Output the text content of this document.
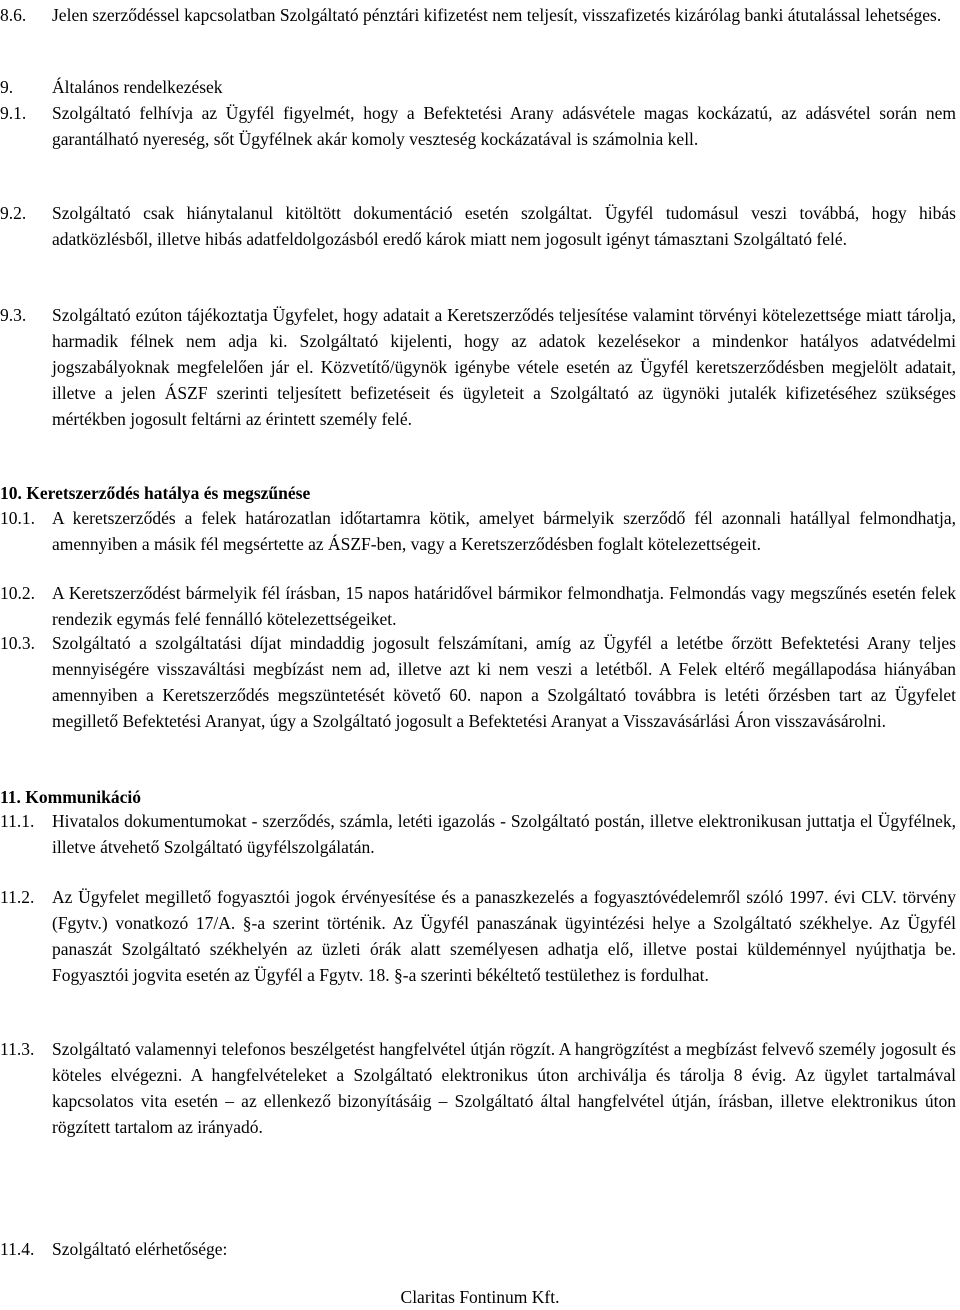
8.6. Jelen szerződéssel kapcsolatban Szolgáltató pénztári kifizetést nem teljesít, visszafizetés kizárólag banki átutalással lehetséges.
9. Általános rendelkezések
9.1. Szolgáltató felhívja az Ügyfél figyelmét, hogy a Befektetési Arany adásvétele magas kockázatú, az adásvétel során nem garantálható nyereség, sőt Ügyfélnek akár komoly veszteség kockázatával is számolnia kell.
9.2. Szolgáltató csak hiánytalanul kitöltött dokumentáció esetén szolgáltat. Ügyfél tudomásul veszi továbbá, hogy hibás adatközlésből, illetve hibás adatfeldolgozásból eredő károk miatt nem jogosult igényt támasztani Szolgáltató felé.
9.3. Szolgáltató ezúton tájékoztatja Ügyfelet, hogy adatait a Keretszerződés teljesítése valamint törvényi kötelezettsége miatt tárolja, harmadik félnek nem adja ki. Szolgáltató kijelenti, hogy az adatok kezelésekor a mindenkor hatályos adatvédelmi jogszabályoknak megfelelően jár el. Közvetítő/ügynök igénybe vétele esetén az Ügyfél keretszerződésben megjelölt adatait, illetve a jelen ÁSZF szerinti teljesített befizetéseit és ügyleteit a Szolgáltató az ügynöki jutalék kifizetéséhez szükséges mértékben jogosult feltárni az érintett személy felé.
10. Keretszerződés hatálya és megszűnése
10.1. A keretszerződés a felek határozatlan időtartamra kötik, amelyet bármelyik szerződő fél azonnali hatállyal felmondhatja, amennyiben a másik fél megsértette az ÁSZF-ben, vagy a Keretszerződésben foglalt kötelezettségeit.
10.2. A Keretszerződést bármelyik fél írásban, 15 napos határidővel bármikor felmondhatja. Felmondás vagy megszűnés esetén felek rendezik egymás felé fennálló kötelezettségeiket.
10.3. Szolgáltató a szolgáltatási díjat mindaddig jogosult felszámítani, amíg az Ügyfél a letétbe őrzött Befektetési Arany teljes mennyiségére visszaváltási megbízást nem ad, illetve azt ki nem veszi a letétből. A Felek eltérő megállapodása hiányában amennyiben a Keretszerződés megszüntetését követő 60. napon a Szolgáltató továbbra is letéti őrzésben tart az Ügyfelet megillető Befektetési Aranyat, úgy a Szolgáltató jogosult a Befektetési Aranyat a Visszavásárlási Áron visszavásárolni.
11. Kommunikáció
11.1. Hivatalos dokumentumokat - szerződés, számla, letéti igazolás - Szolgáltató postán, illetve elektronikusan juttatja el Ügyfélnek, illetve átvehető Szolgáltató ügyfélszolgálatán.
11.2. Az Ügyfelet megillető fogyasztói jogok érvényesítése és a panaszkezelés a fogyasztóvédelemről szóló 1997. évi CLV. törvény (Fgytv.) vonatkozó 17/A. §-a szerint történik. Az Ügyfél panaszának ügyintézési helye a Szolgáltató székhelye. Az Ügyfél panaszát Szolgáltató székhelyén az üzleti órák alatt személyesen adhatja elő, illetve postai küldeménnyel nyújthatja be. Fogyasztói jogvita esetén az Ügyfél a Fgytv. 18. §-a szerinti békéltető testülethez is fordulhat.
11.3. Szolgáltató valamennyi telefonos beszélgetést hangfelvétel útján rögzít. A hangrögzítést a megbízást felvevő személy jogosult és köteles elvégezni. A hangfelvételeket a Szolgáltató elektronikus úton archiválja és tárolja 8 évig. Az ügylet tartalmával kapcsolatos vita esetén – az ellenkező bizonyításáig – Szolgáltató által hangfelvétel útján, írásban, illetve elektronikus úton rögzített tartalom az irányadó.
11.4. Szolgáltató elérhetősége:
Claritas Fontinum Kft.
